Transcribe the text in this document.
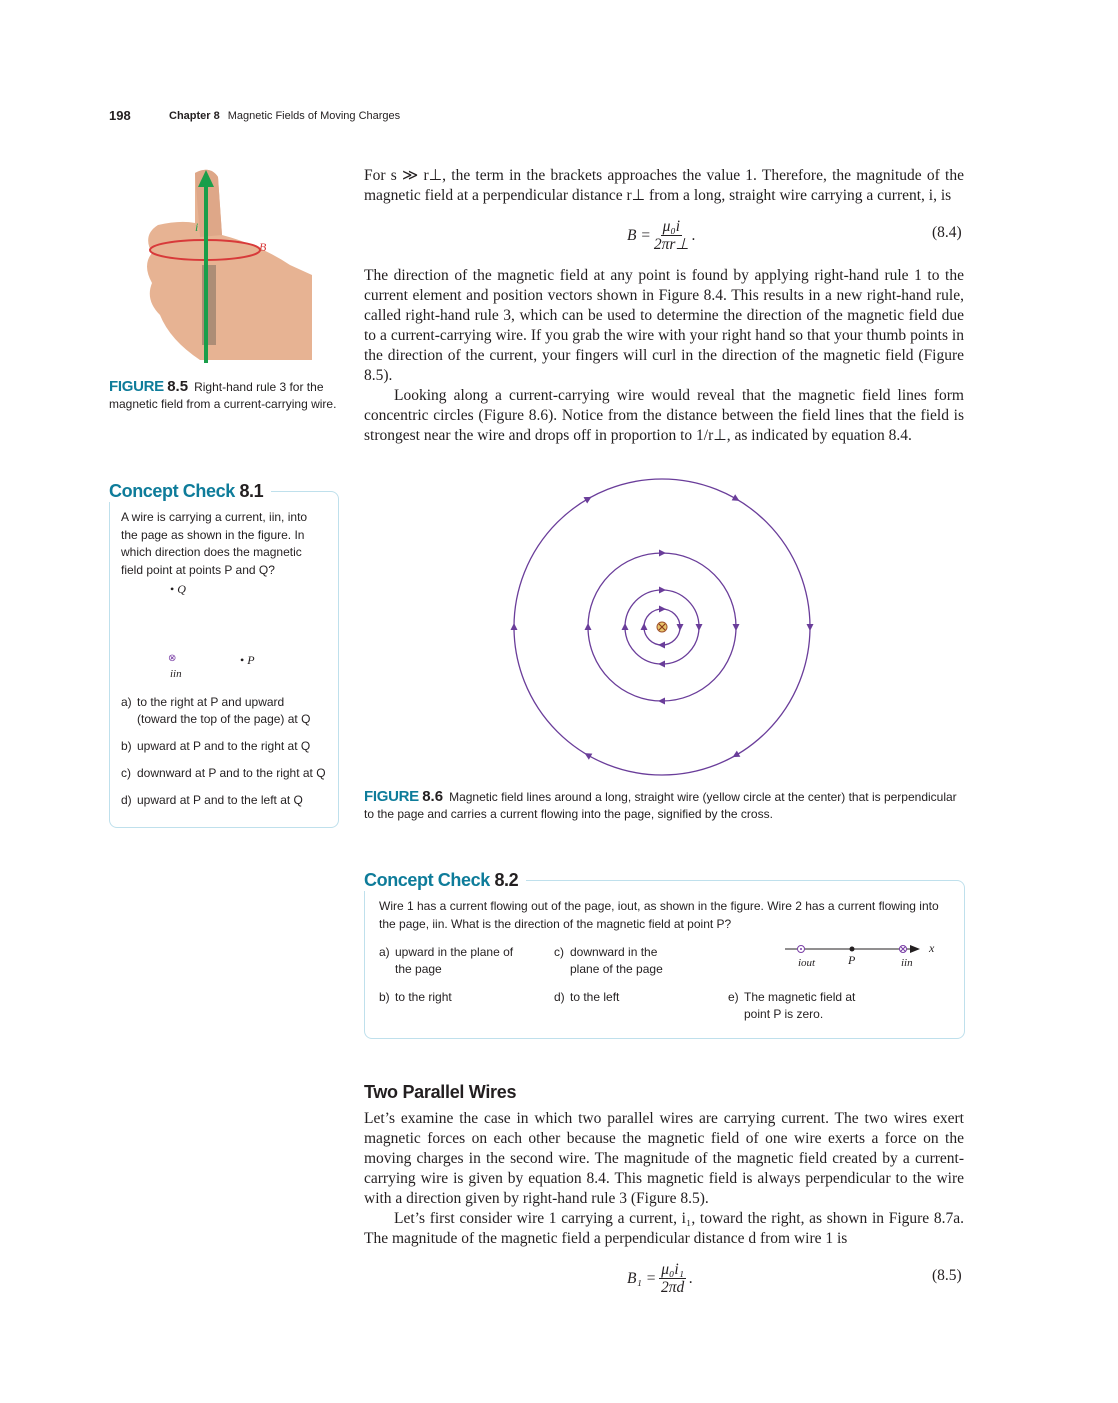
198	Chapter 8 Magnetic Fields of Moving Charges
i
B⃗
FIGURE 8.5 Right-hand rule 3 for the magnetic field from a current-carrying wire.

For s ≫ r⊥, the term in the brackets approaches the value 1. Therefore, the magnitude of the magnetic field at a perpendicular distance r⊥ from a long, straight wire carrying a current, i, is

$B = \frac{\text{μ₀i}}{2\pi r\perp}$ .	(8.4)

The direction of the magnetic field at any point is found by applying right-hand rule 1 to the current element and position vectors shown in Figure 8.4. This results in a new right-hand rule, called right-hand rule 3, which can be used to determine the direction of the magnetic field due to a current-carrying wire. If you grab the wire with your right hand so that your thumb points in the direction of the current, your fingers will curl in the direction of the magnetic field (Figure 8.5).

Looking along a current-carrying wire would reveal that the magnetic field lines form concentric circles (Figure 8.6). Notice from the distance between the field lines that the field is strongest near the wire and drops off in proportion to 1/r⊥, as indicated by equation 8.4.

Concept Check 8.1
A wire is carrying a current, iin, into the page as shown in the figure. In which direction does the magnetic field point at points P and Q?
• Q
⊗
iin
• P
a) to the right at P and upward (toward the top of the page) at Q
b) upward at P and to the right at Q
c) downward at P and to the right at Q
d) upward at P and to the left at Q	FIGURE 8.6 Magnetic field lines around a long, straight wire (yellow circle at the center) that is perpendicular to the page and carries a current flowing into the page, signified by the cross.
Concept Check 8.2
Wire 1 has a current flowing out of the page, iout, as shown in the figure. Wire 2 has a current flowing into the page, iin. What is the direction of the magnetic field at point P?
a) upward in the plane of the page
b) to the right
c) downward in the plane of the page
d) to the left	e) The magnetic field at point P is zero.
x
iout	P	iin
Two Parallel Wires

Let’s examine the case in which two parallel wires are carrying current. The two wires exert magnetic forces on each other because the magnetic field of one wire exerts a force on the moving charges in the second wire. The magnitude of the magnetic field created by a current-carrying wire is given by equation 8.4. This magnetic field is always perpendicular to the wire with a direction given by right-hand rule 3 (Figure 8.5).

Let’s first consider wire 1 carrying a current, i₁, toward the right, as shown in Figure 8.7a. The magnitude of the magnetic field a perpendicular distance d from wire 1 is

$B_1 = \frac{\text{μ₀i₁}}{2\pi d}$ .	(8.5)
